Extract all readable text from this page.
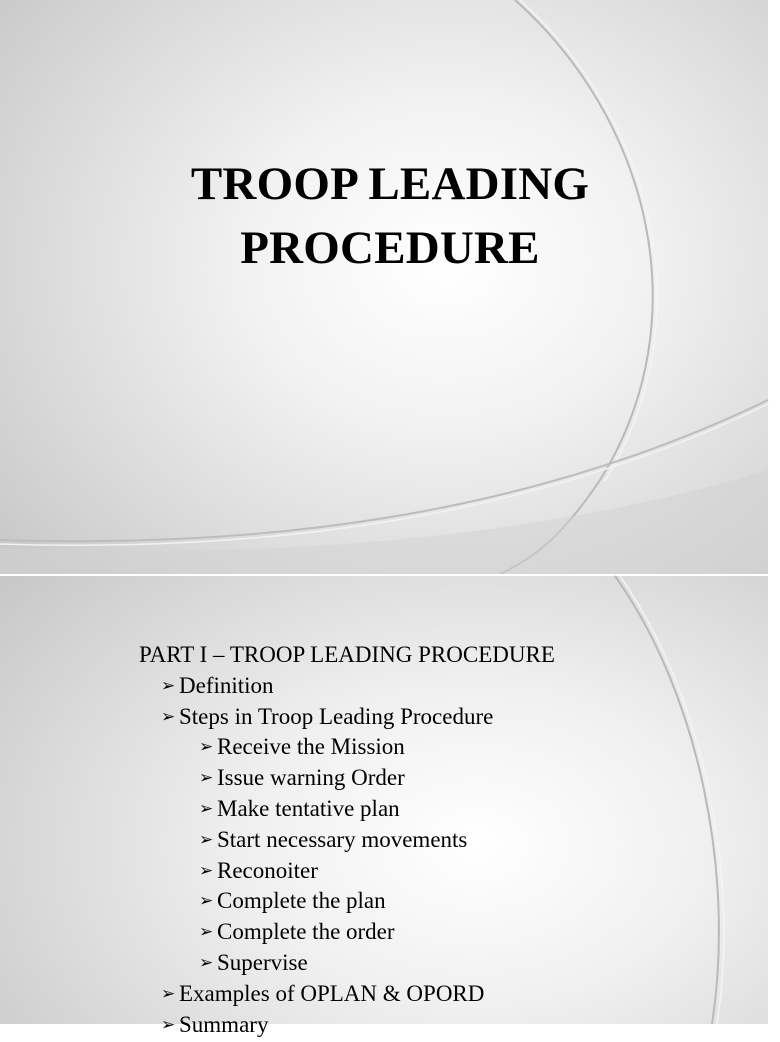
TROOP LEADING
PROCEDURE
PART I – TROOP LEADING PROCEDURE
➢ Definition
➢ Steps in Troop Leading Procedure
➢ Receive the Mission
➢ Issue warning Order
➢ Make tentative plan
➢ Start necessary movements
➢ Reconoiter
➢ Complete the plan
➢ Complete the order
➢ Supervise
➢ Examples of OPLAN & OPORD
➢ Summary
